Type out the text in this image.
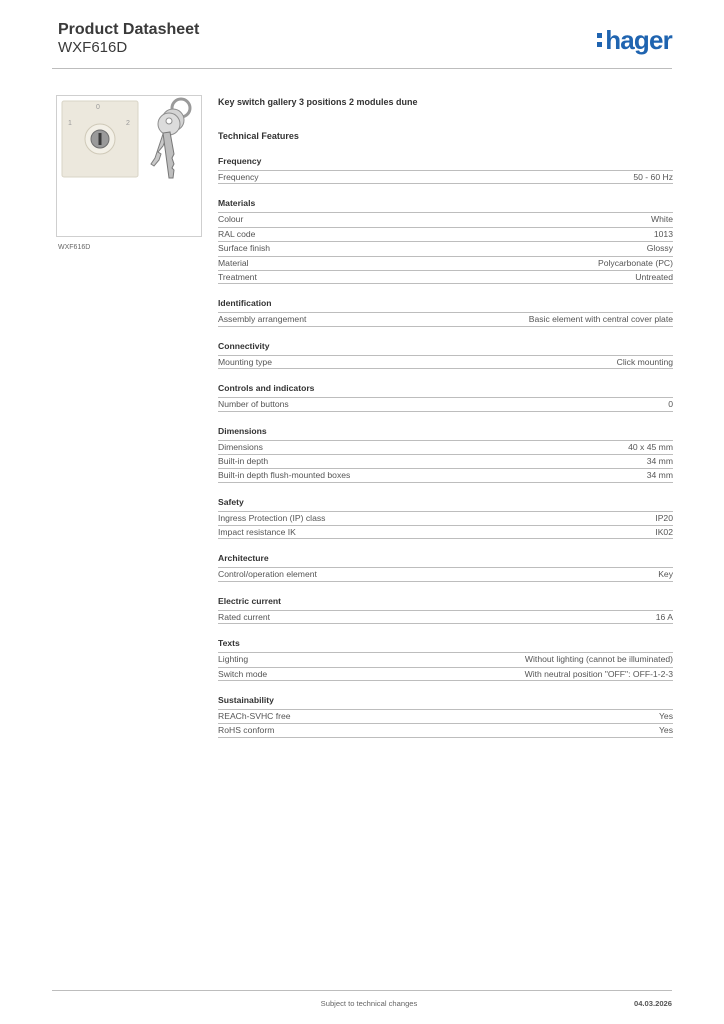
Product Datasheet
WXF616D	hager
0
1	2
WXF616D
Key switch gallery 3 positions 2 modules dune
Technical Features
Frequency
Frequency	50 - 60 Hz
Materials
Colour	White
RAL code	1013
Surface finish	Glossy
Material	Polycarbonate (PC)
Treatment	Untreated
Identification
Assembly arrangement	Basic element with central cover plate
Connectivity
Mounting type	Click mounting
Controls and indicators
Number of buttons	0
Dimensions
Dimensions	40 x 45 mm
Built-in depth	34 mm
Built-in depth flush-mounted boxes	34 mm
Safety
Ingress Protection (IP) class	IP20
Impact resistance IK	IK02
Architecture
Control/operation element	Key
Electric current
Rated current	16 A
Texts
Lighting	Without lighting (cannot be illuminated)
Switch mode	With neutral position "OFF": OFF-1-2-3
Sustainability
REACh-SVHC free	Yes
RoHS conform	Yes
Subject to technical changes	04.03.2026
